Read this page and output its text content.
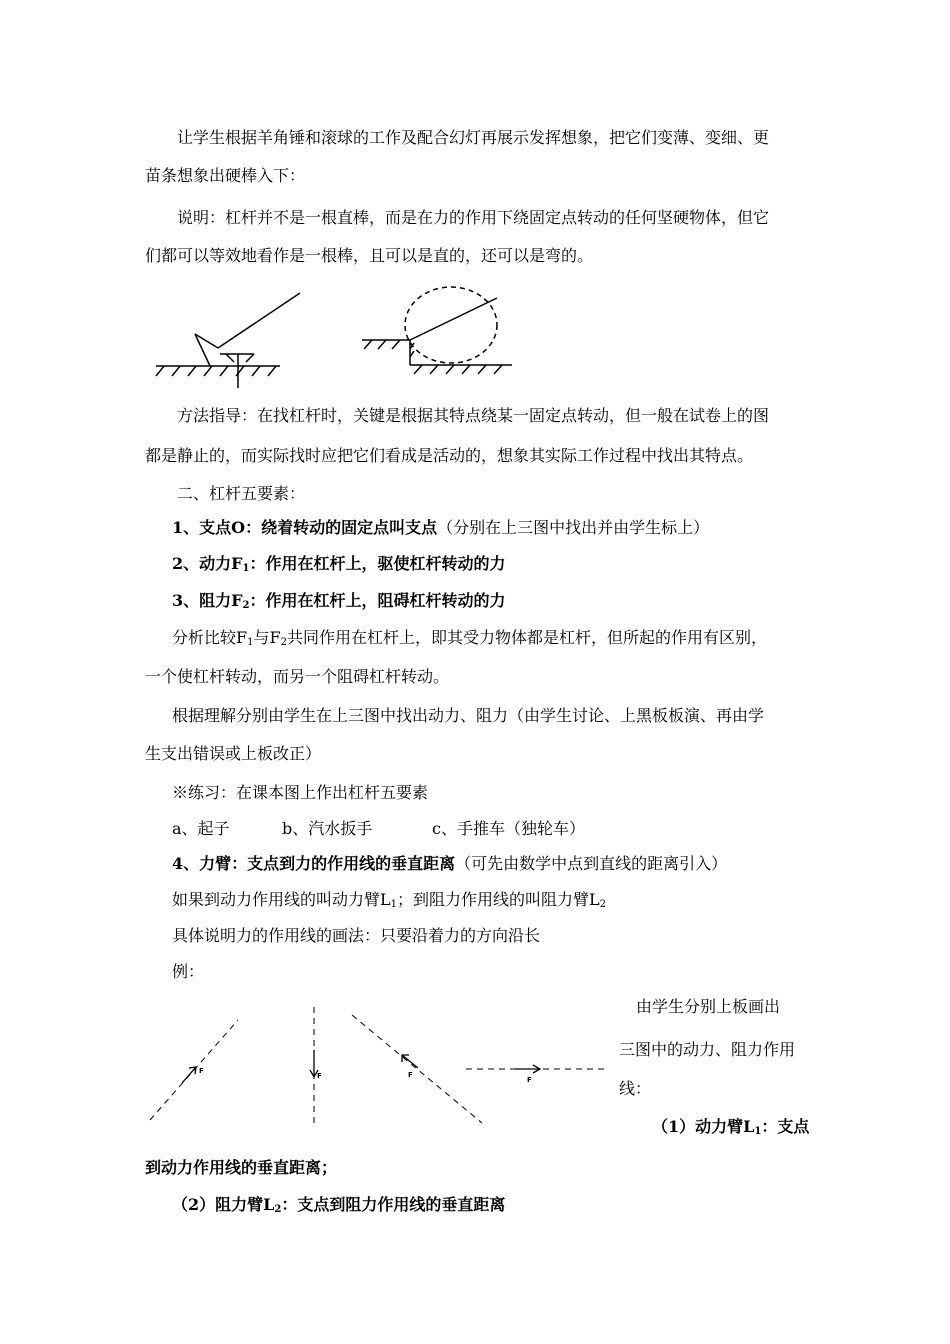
让学生根据羊角锤和滚球的工作及配合幻灯再展示发挥想象，把它们变薄、变细、更
苗条想象出硬棒入下：
说明：杠杆并不是一根直棒，而是在力的作用下绕固定点转动的任何坚硬物体，但它
们都可以等效地看作是一根棒，且可以是直的，还可以是弯的。
方法指导：在找杠杆时，关键是根据其特点绕某一固定点转动，但一般在试卷上的图
都是静止的，而实际找时应把它们看成是活动的，想象其实际工作过程中找出其特点。
二、杠杆五要素：
1、支点O：绕着转动的固定点叫支点（分别在上三图中找出并由学生标上）
2、动力$F_1$：作用在杠杆上，驱使杠杆转动的力
3、阻力$F_2$：作用在杠杆上，阻碍杠杆转动的力
分析比较$F_1$与$F_2$共同作用在杠杆上，即其受力物体都是杠杆，但所起的作用有区别，
一个使杠杆转动，而另一个阻碍杠杆转动。
根据理解分别由学生在上三图中找出动力、阻力（由学生讨论、上黑板板演、再由学
生支出错误或上板改正）
※练习：在课本图上作出杠杆五要素
a、起子	b、汽水扳手	c、手推车（独轮车）
4、力臂：支点到力的作用线的垂直距离（可先由数学中点到直线的距离引入）
如果到动力作用线的叫动力臂$L_1$；到阻力作用线的叫阻力臂$L_2$
具体说明力的作用线的画法：只要沿着力的方向沿长
例：
F
F	F
F
由学生分别上板画出
三图中的动力、阻力作用
线：
（1）动力臂$L_1$：支点
到动力作用线的垂直距离；
（2）阻力臂$L_2$：支点到阻力作用线的垂直距离
